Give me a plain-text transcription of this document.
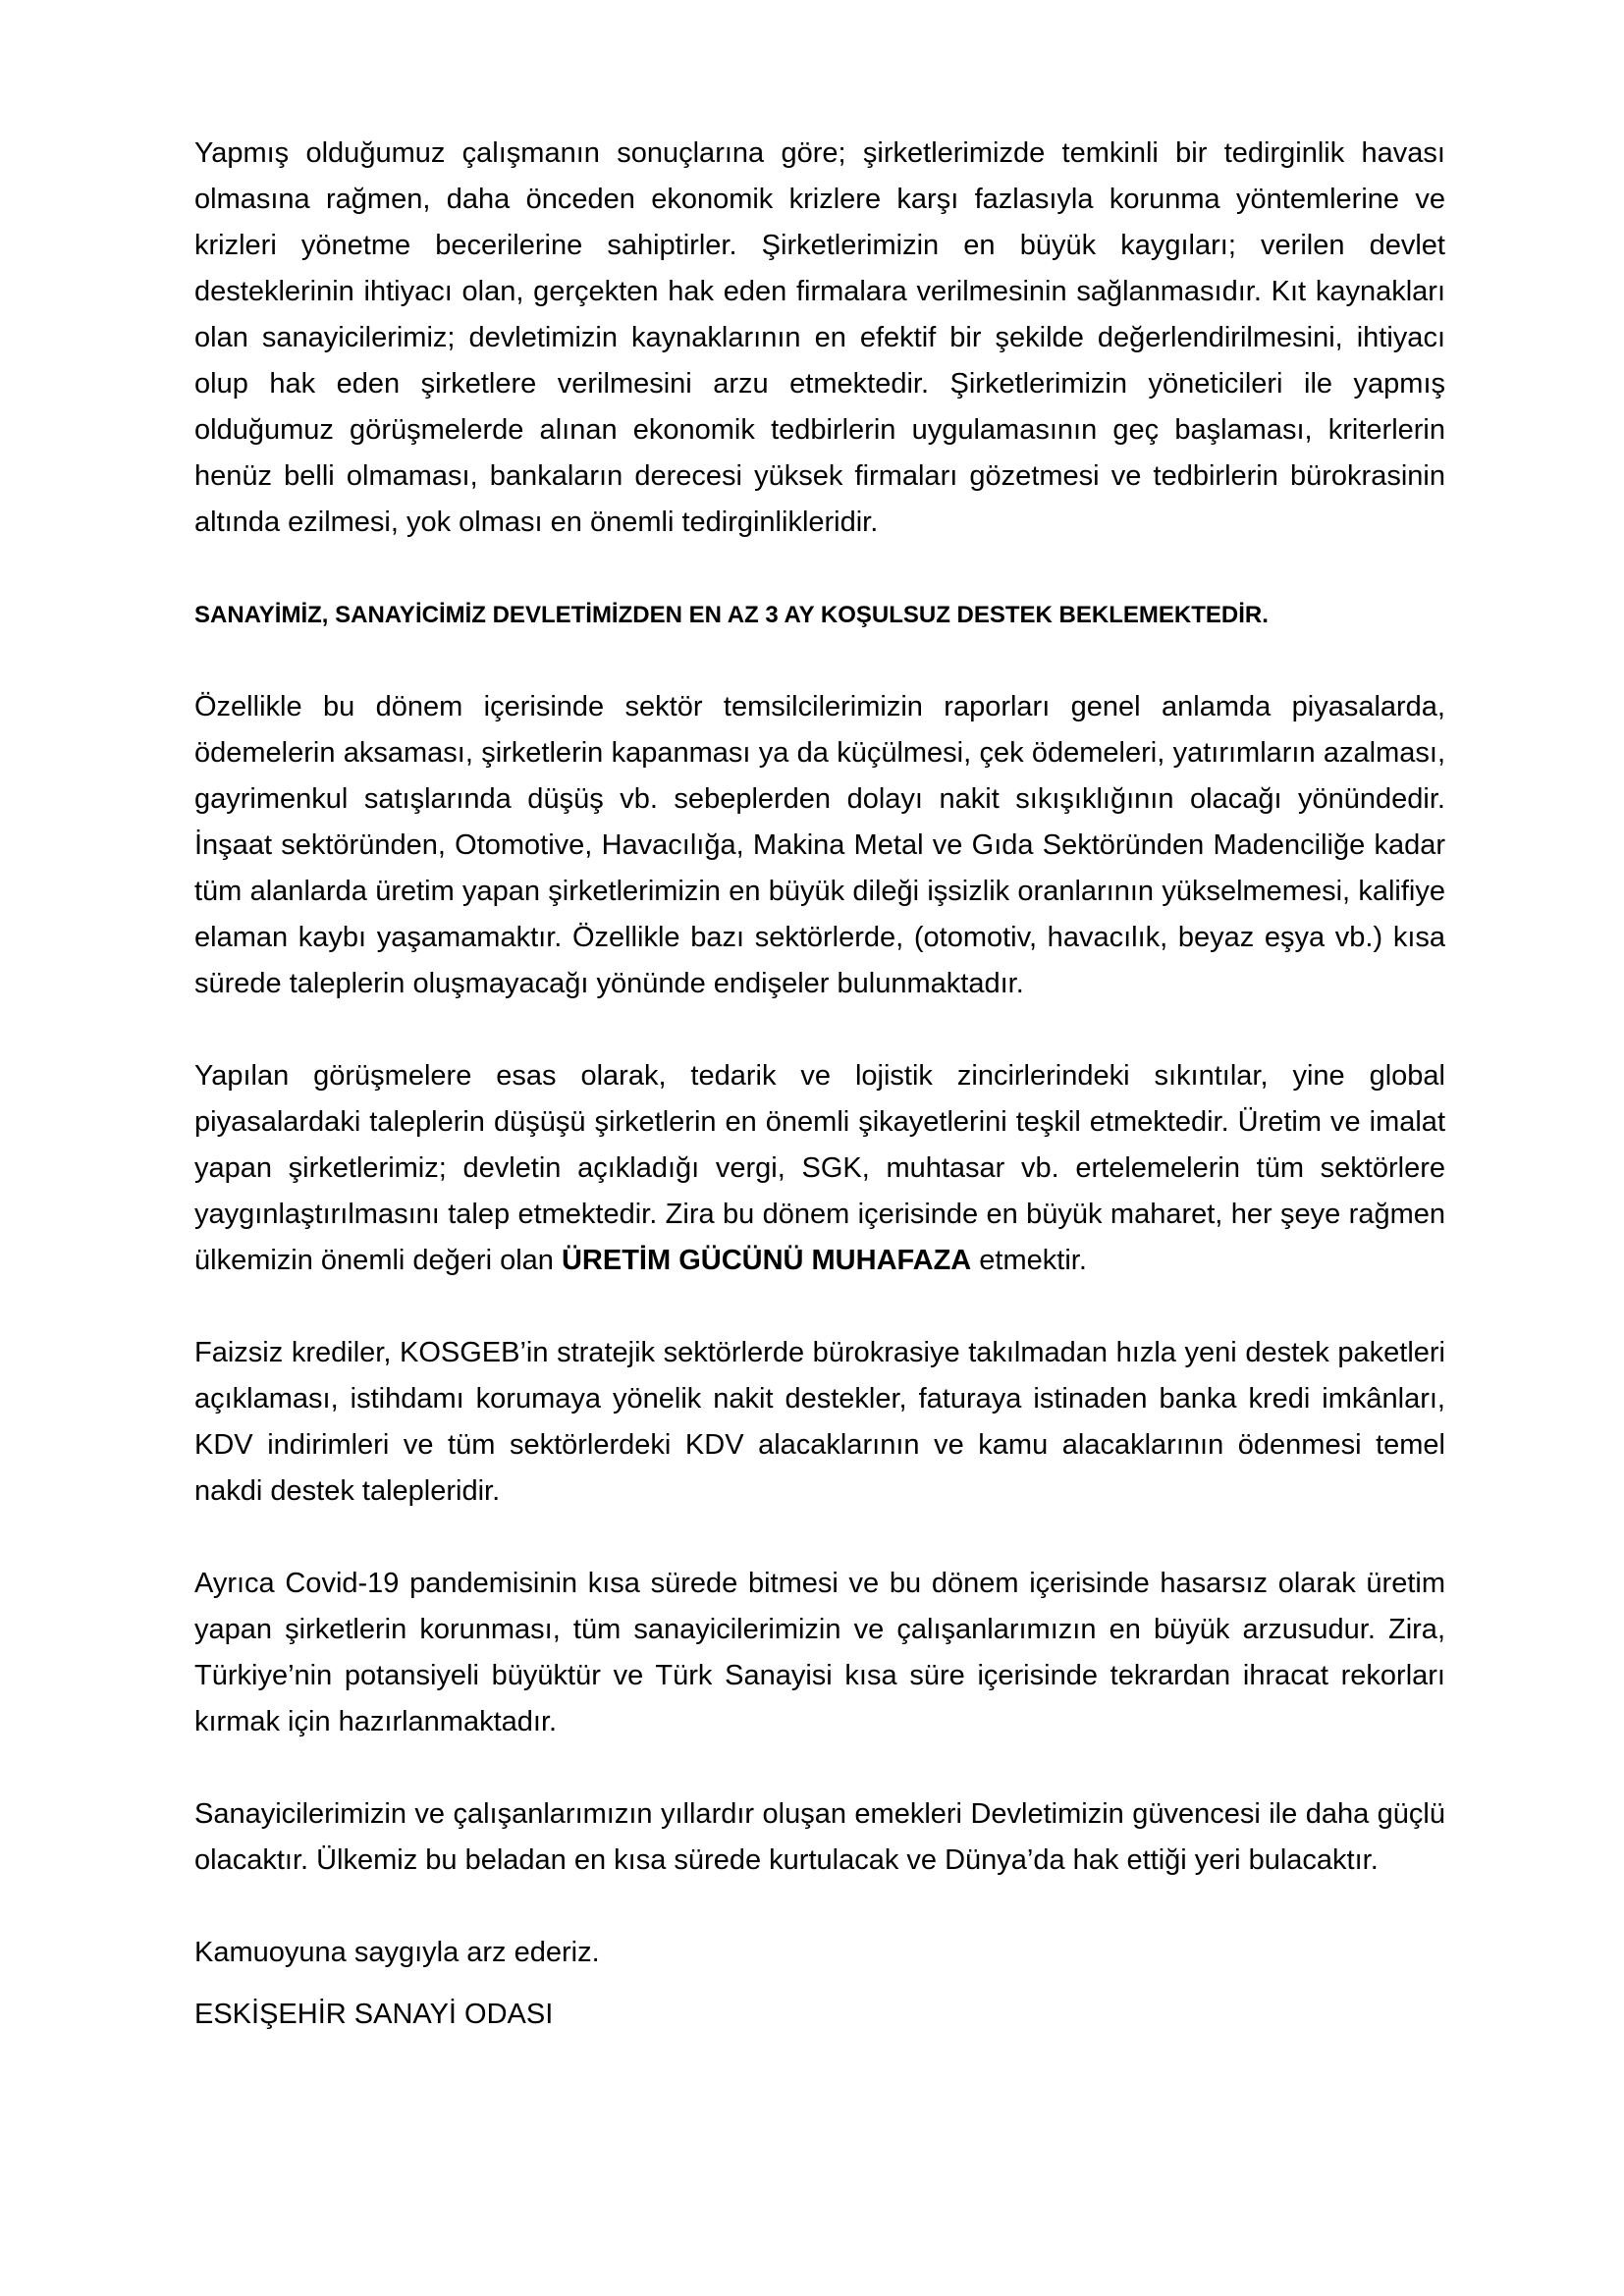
Yapmış olduğumuz çalışmanın sonuçlarına göre; şirketlerimizde temkinli bir tedirginlik havası olmasına rağmen, daha önceden ekonomik krizlere karşı fazlasıyla korunma yöntemlerine ve krizleri yönetme becerilerine sahiptirler. Şirketlerimizin en büyük kaygıları; verilen devlet desteklerinin ihtiyacı olan, gerçekten hak eden firmalara verilmesinin sağlanmasıdır. Kıt kaynakları olan sanayicilerimiz; devletimizin kaynaklarının en efektif bir şekilde değerlendirilmesini, ihtiyacı olup hak eden şirketlere verilmesini arzu etmektedir. Şirketlerimizin yöneticileri ile yapmış olduğumuz görüşmelerde alınan ekonomik tedbirlerin uygulamasının geç başlaması, kriterlerin henüz belli olmaması, bankaların derecesi yüksek firmaları gözetmesi ve tedbirlerin bürokrasinin altında ezilmesi, yok olması en önemli tedirginlikleridir.

SANAYİMİZ, SANAYİCİMİZ DEVLETİMİZDEN EN AZ 3 AY KOŞULSUZ DESTEK BEKLEMEKTEDİR.

Özellikle bu dönem içerisinde sektör temsilcilerimizin raporları genel anlamda piyasalarda, ödemelerin aksaması, şirketlerin kapanması ya da küçülmesi, çek ödemeleri, yatırımların azalması, gayrimenkul satışlarında düşüş vb. sebeplerden dolayı nakit sıkışıklığının olacağı yönündedir. İnşaat sektöründen, Otomotive, Havacılığa, Makina Metal ve Gıda Sektöründen Madenciliğe kadar tüm alanlarda üretim yapan şirketlerimizin en büyük dileği işsizlik oranlarının yükselmemesi, kalifiye elaman kaybı yaşamamaktır. Özellikle bazı sektörlerde, (otomotiv, havacılık, beyaz eşya vb.) kısa sürede taleplerin oluşmayacağı yönünde endişeler bulunmaktadır.

Yapılan görüşmelere esas olarak, tedarik ve lojistik zincirlerindeki sıkıntılar, yine global piyasalardaki taleplerin düşüşü şirketlerin en önemli şikayetlerini teşkil etmektedir. Üretim ve imalat yapan şirketlerimiz; devletin açıkladığı vergi, SGK, muhtasar vb. ertelemelerin tüm sektörlere yaygınlaştırılmasını talep etmektedir. Zira bu dönem içerisinde en büyük maharet, her şeye rağmen ülkemizin önemli değeri olan ÜRETİM GÜCÜNÜ MUHAFAZA etmektir.

Faizsiz krediler, KOSGEB’in stratejik sektörlerde bürokrasiye takılmadan hızla yeni destek paketleri açıklaması, istihdamı korumaya yönelik nakit destekler, faturaya istinaden banka kredi imkânları, KDV indirimleri ve tüm sektörlerdeki KDV alacaklarının ve kamu alacaklarının ödenmesi temel nakdi destek talepleridir.

Ayrıca Covid-19 pandemisinin kısa sürede bitmesi ve bu dönem içerisinde hasarsız olarak üretim yapan şirketlerin korunması, tüm sanayicilerimizin ve çalışanlarımızın en büyük arzusudur. Zira, Türkiye’nin potansiyeli büyüktür ve Türk Sanayisi kısa süre içerisinde tekrardan ihracat rekorları kırmak için hazırlanmaktadır.

Sanayicilerimizin ve çalışanlarımızın yıllardır oluşan emekleri Devletimizin güvencesi ile daha güçlü olacaktır. Ülkemiz bu beladan en kısa sürede kurtulacak ve Dünya’da hak ettiği yeri bulacaktır.

Kamuoyuna saygıyla arz ederiz.

ESKİŞEHİR SANAYİ ODASI
